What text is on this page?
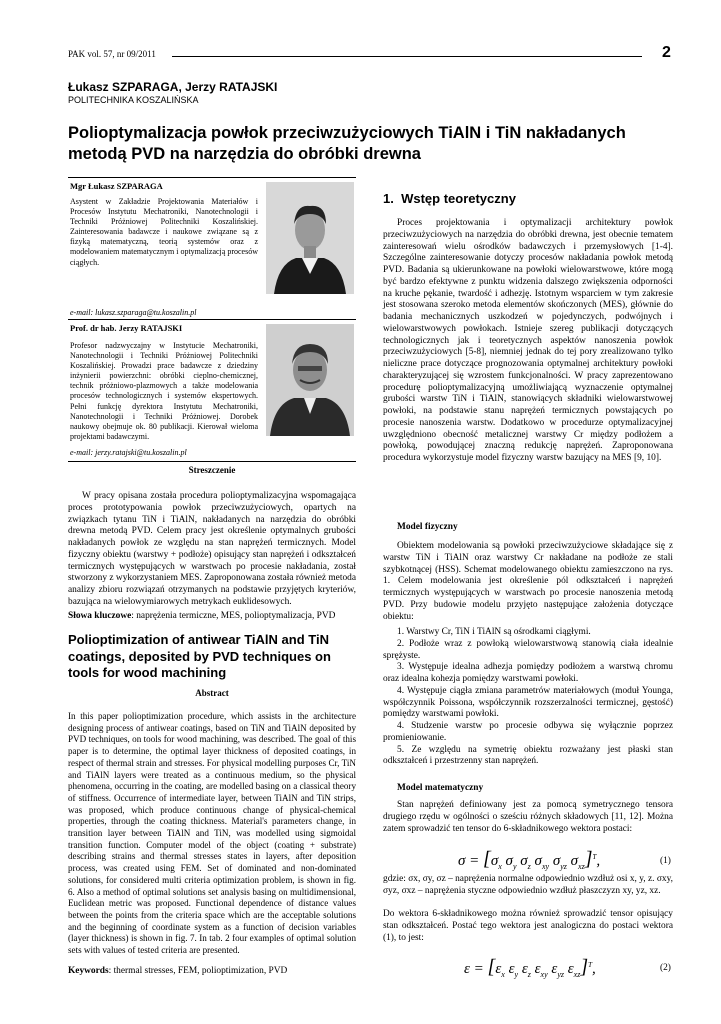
PAK vol. 57, nr 09/2011	2
Łukasz SZPARAGA, Jerzy RATAJSKI
POLITECHNIKA KOSZALIŃSKA
Polioptymalizacja powłok przeciwzużyciowych TiAlN i TiN nakładanych metodą PVD na narzędzia do obróbki drewna
Mgr Łukasz SZPARAGA
Asystent w Zakładzie Projektowania Materiałów i Procesów Instytutu Mechatroniki, Nanotechnologii i Techniki Próżniowej Politechniki Koszalińskiej. Zainteresowania badawcze i naukowe związane są z fizyką matematyczną, teorią systemów oraz z modelowaniem matematycznym i optymalizacją procesów ciągłych.
e-mail: lukasz.szparaga@tu.koszalin.pl
Prof. dr hab. Jerzy RATAJSKI
Profesor nadzwyczajny w Instytucie Mechatroniki, Nanotechnologii i Techniki Próżniowej Politechniki Koszalińskiej. Prowadzi prace badawcze z dziedziny inżynierii powierzchni: obróbki cieplno-chemicznej, technik próżniowo-plazmowych a także modelowania procesów technologicznych i systemów ekspertowych. Pełni funkcję dyrektora Instytutu Mechatroniki, Nanotechnologii i Techniki Próżniowej. Dorobek naukowy obejmuje ok. 80 publikacji. Kierował wieloma projektami badawczymi.
e-mail: jerzy.ratajski@tu.koszalin.pl
Streszczenie

W pracy opisana została procedura polioptymalizacyjna wspomagająca proces prototypowania powłok przeciwzużyciowych, opartych na związkach tytanu TiN i TiAlN, nakładanych na narzędzia do obróbki drewna metodą PVD. Celem pracy jest określenie optymalnych grubości nakładanych powłok ze względu na stan naprężeń termicznych. Model fizyczny obiektu (warstwy + podłoże) opisujący stan naprężeń i odkształceń termicznych występujących w warstwach po procesie nakładania, został stworzony z wykorzystaniem MES. Zaproponowana została również metoda analizy zbioru rozwiązań otrzymanych na podstawie przyjętych kryteriów, bazująca na wielowymiarowych metrykach euklidesowych.

Słowa kluczowe: naprężenia termiczne, MES, polioptymalizacja, PVD
Polioptimization of antiwear TiAlN and TiN coatings, deposited by PVD techniques on tools for wood machining
Abstract

In this paper polioptimization procedure, which assists in the architecture designing process of antiwear coatings, based on TiN and TiAlN deposited by PVD techniques, on tools for wood machining, was described. The goal of this paper is to determine, the optimal layer thickness of deposited coatings, in respect of thermal strain and stresses. For physical modelling purposes Cr, TiN and TiAlN layers were treated as a continuous medium, so the physical phenomena, occurring in the coating, are modelled basing on a classical theory of stiffness. Occurrence of intermediate layer, between TiAlN and TiN strips, was proposed, which produce continuous change of physical-chemical properties, through the coating thickness. Material's parameters change, in transition layer between TiAlN and TiN, was modelled using sigmoidal transition function. Computer model of the object (coating + substrate) describing strains and thermal stresses states in layers, after deposition process, was created using FEM. Set of dominated and non-dominated solutions, for considered multi criteria optimization problem, is shown in fig. 6. Also a method of optimal solutions set analysis basing on multidimensional, Euclidean metric was proposed. Functional dependence of distance values between the points from the criteria space which are the acceptable solutions and the beginning of coordinate system as a function of decision variables (layer thickness) is shown in fig. 7. In tab. 2 four examples of optimal solution sets with values of tested criteria are presented.

Keywords: thermal stresses, FEM, polioptimization, PVD
1. Wstęp teoretyczny

Proces projektowania i optymalizacji architektury powłok przeciwzużyciowych na narzędzia do obróbki drewna, jest obecnie tematem zainteresowań wielu ośrodków badawczych i przemysłowych [1-4]. Szczególne zainteresowanie dotyczy procesów nakładania powłok metodą PVD. Badania są ukierunkowane na powłoki wielowarstwowe, które mogą być bardzo efektywne z punktu widzenia dalszego zwiększenia odporności na kruche pękanie, twardość i adhezję. Istotnym wsparciem w tym zakresie jest stosowana szeroko metoda elementów skończonych (MES), głównie do badania mechanicznych uszkodzeń w pojedynczych, podwójnych i wielowarstwowych powłokach. Istnieje szereg publikacji dotyczących technologicznych jak i teoretycznych aspektów nanoszenia powłok przeciwzużyciowych [5-8], niemniej jednak do tej pory zrealizowano tylko nieliczne prace dotyczące prognozowania optymalnej architektury powłoki charakteryzującej się wzrostem funkcjonalności. W pracy zaprezentowano procedurę polioptymalizacyjną umożliwiającą wyznaczenie optymalnej grubości warstw TiN i TiAlN, stanowiących składniki wielowarstwowej powłoki, na podstawie stanu naprężeń termicznych powstających po procesie nanoszenia warstw. Dodatkowo w procedurze optymalizacyjnej uwzględniono obecność metalicznej warstwy Cr między podłożem a powłoką, powodującej znaczną redukcję naprężeń. Zaproponowana procedura wykorzystuje model fizyczny warstw bazujący na MES [9, 10].

Model fizyczny

Obiektem modelowania są powłoki przeciwzużyciowe składające się z warstw TiN i TiAlN oraz warstwy Cr nakładane na podłoże ze stali szybkotnącej (HSS). Schemat modelowanego obiektu zamieszczono na rys. 1. Celem modelowania jest określenie pól odkształceń i naprężeń termicznych występujących w warstwach po procesie nanoszenia metodą PVD. Przy budowie modelu przyjęto następujące założenia dotyczące obiektu:

1. Warstwy Cr, TiN i TiAlN są ośrodkami ciągłymi.

2. Podłoże wraz z powłoką wielowarstwową stanowią ciała idealnie sprężyste.

3. Występuje idealna adhezja pomiędzy podłożem a warstwą chromu oraz idealna kohezja pomiędzy warstwami powłoki.

4. Występuje ciągła zmiana parametrów materiałowych (moduł Younga, współczynnik Poissona, współczynnik rozszerzalności termicznej, gęstość) pomiędzy warstwami powłoki.

4. Studzenie warstw po procesie odbywa się wyłącznie poprzez promieniowanie.

5. Ze względu na symetrię obiektu rozważany jest płaski stan odkształceń i przestrzenny stan naprężeń.

Model matematyczny

Stan naprężeń definiowany jest za pomocą symetrycznego tensora drugiego rzędu w ogólności o sześciu różnych składowych [11, 12]. Można zatem sprowadzić ten tensor do 6-składnikowego wektora postaci:

$\sigma = [\sigma_x$ $\sigma_y$ $\sigma_z$ $\sigma_{xy}$ $\sigma_{yz}$ $\sigma_{xz}]^T$,	(1)

gdzie: σx, σy, σz – naprężenia normalne odpowiednio wzdłuż osi x, y, z. σxy, σyz, σxz – naprężenia styczne odpowiednio wzdłuż płaszczyzn xy, yz, xz.

Do wektora 6-składnikowego można również sprowadzić tensor opisujący stan odkształceń. Postać tego wektora jest analogiczna do postaci wektora (1), to jest:

$\varepsilon = [\varepsilon_x$ $\varepsilon_y$ $\varepsilon_z$ $\varepsilon_{xy}$ $\varepsilon_{yz}$ $\varepsilon_{xz}]^T$,	(2)
